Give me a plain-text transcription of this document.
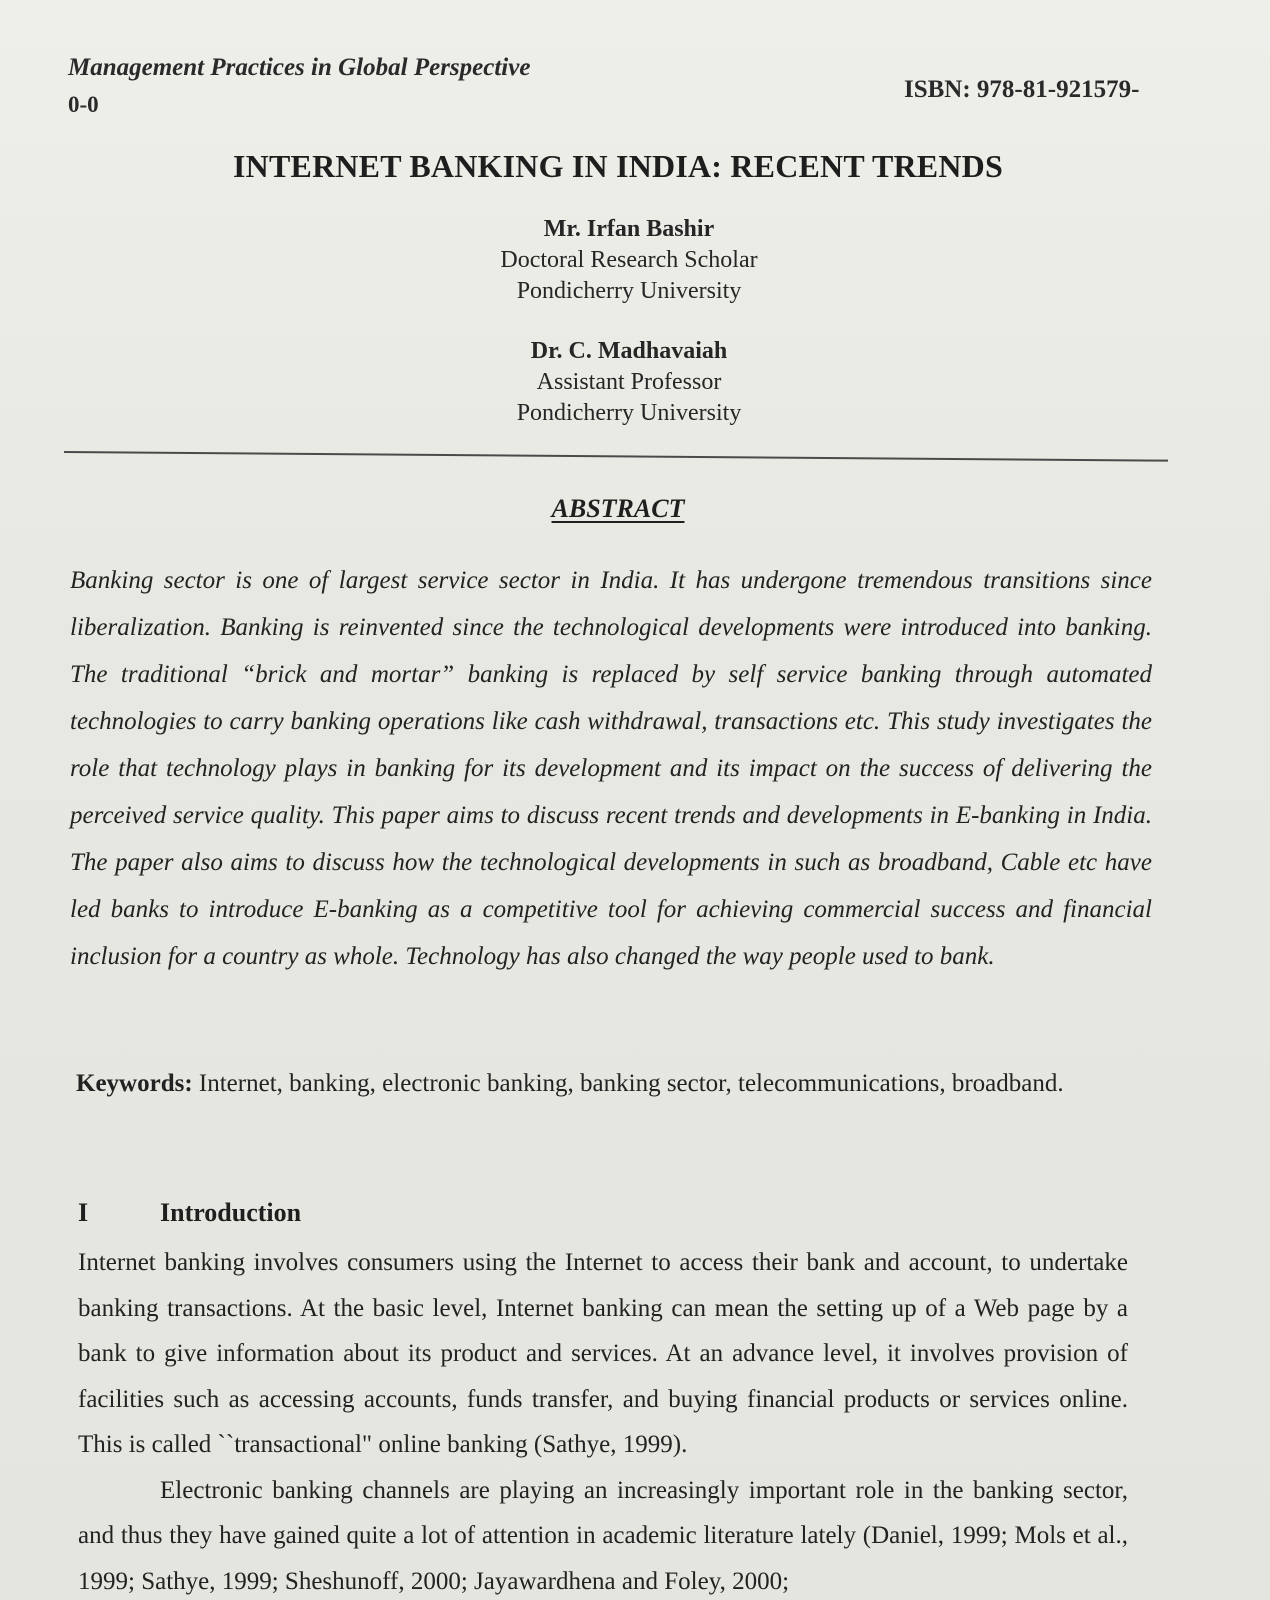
Management Practices in Global Perspective
0-0
ISBN: 978-81-921579-
INTERNET BANKING IN INDIA: RECENT TRENDS
Mr. Irfan Bashir
Doctoral Research Scholar
Pondicherry University
Dr. C. Madhavaiah
Assistant Professor
Pondicherry University
ABSTRACT
Banking sector is one of largest service sector in India. It has undergone tremendous transitions since liberalization. Banking is reinvented since the technological developments were introduced into banking. The traditional “brick and mortar” banking is replaced by self service banking through automated technologies to carry banking operations like cash withdrawal, transactions etc. This study investigates the role that technology plays in banking for its development and its impact on the success of delivering the perceived service quality. This paper aims to discuss recent trends and developments in E-banking in India. The paper also aims to discuss how the technological developments in such as broadband, Cable etc have led banks to introduce E-banking as a competitive tool for achieving commercial success and financial inclusion for a country as whole. Technology has also changed the way people used to bank.
Keywords: Internet, banking, electronic banking, banking sector, telecommunications, broadband.
I	Introduction

Internet banking involves consumers using the Internet to access their bank and account, to undertake banking transactions. At the basic level, Internet banking can mean the setting up of a Web page by a bank to give information about its product and services. At an advance level, it involves provision of facilities such as accessing accounts, funds transfer, and buying financial products or services online. This is called ``transactional" online banking (Sathye, 1999).

Electronic banking channels are playing an increasingly important role in the banking sector, and thus they have gained quite a lot of attention in academic literature lately (Daniel, 1999; Mols et al., 1999; Sathye, 1999; Sheshunoff, 2000; Jayawardhena and Foley, 2000;
